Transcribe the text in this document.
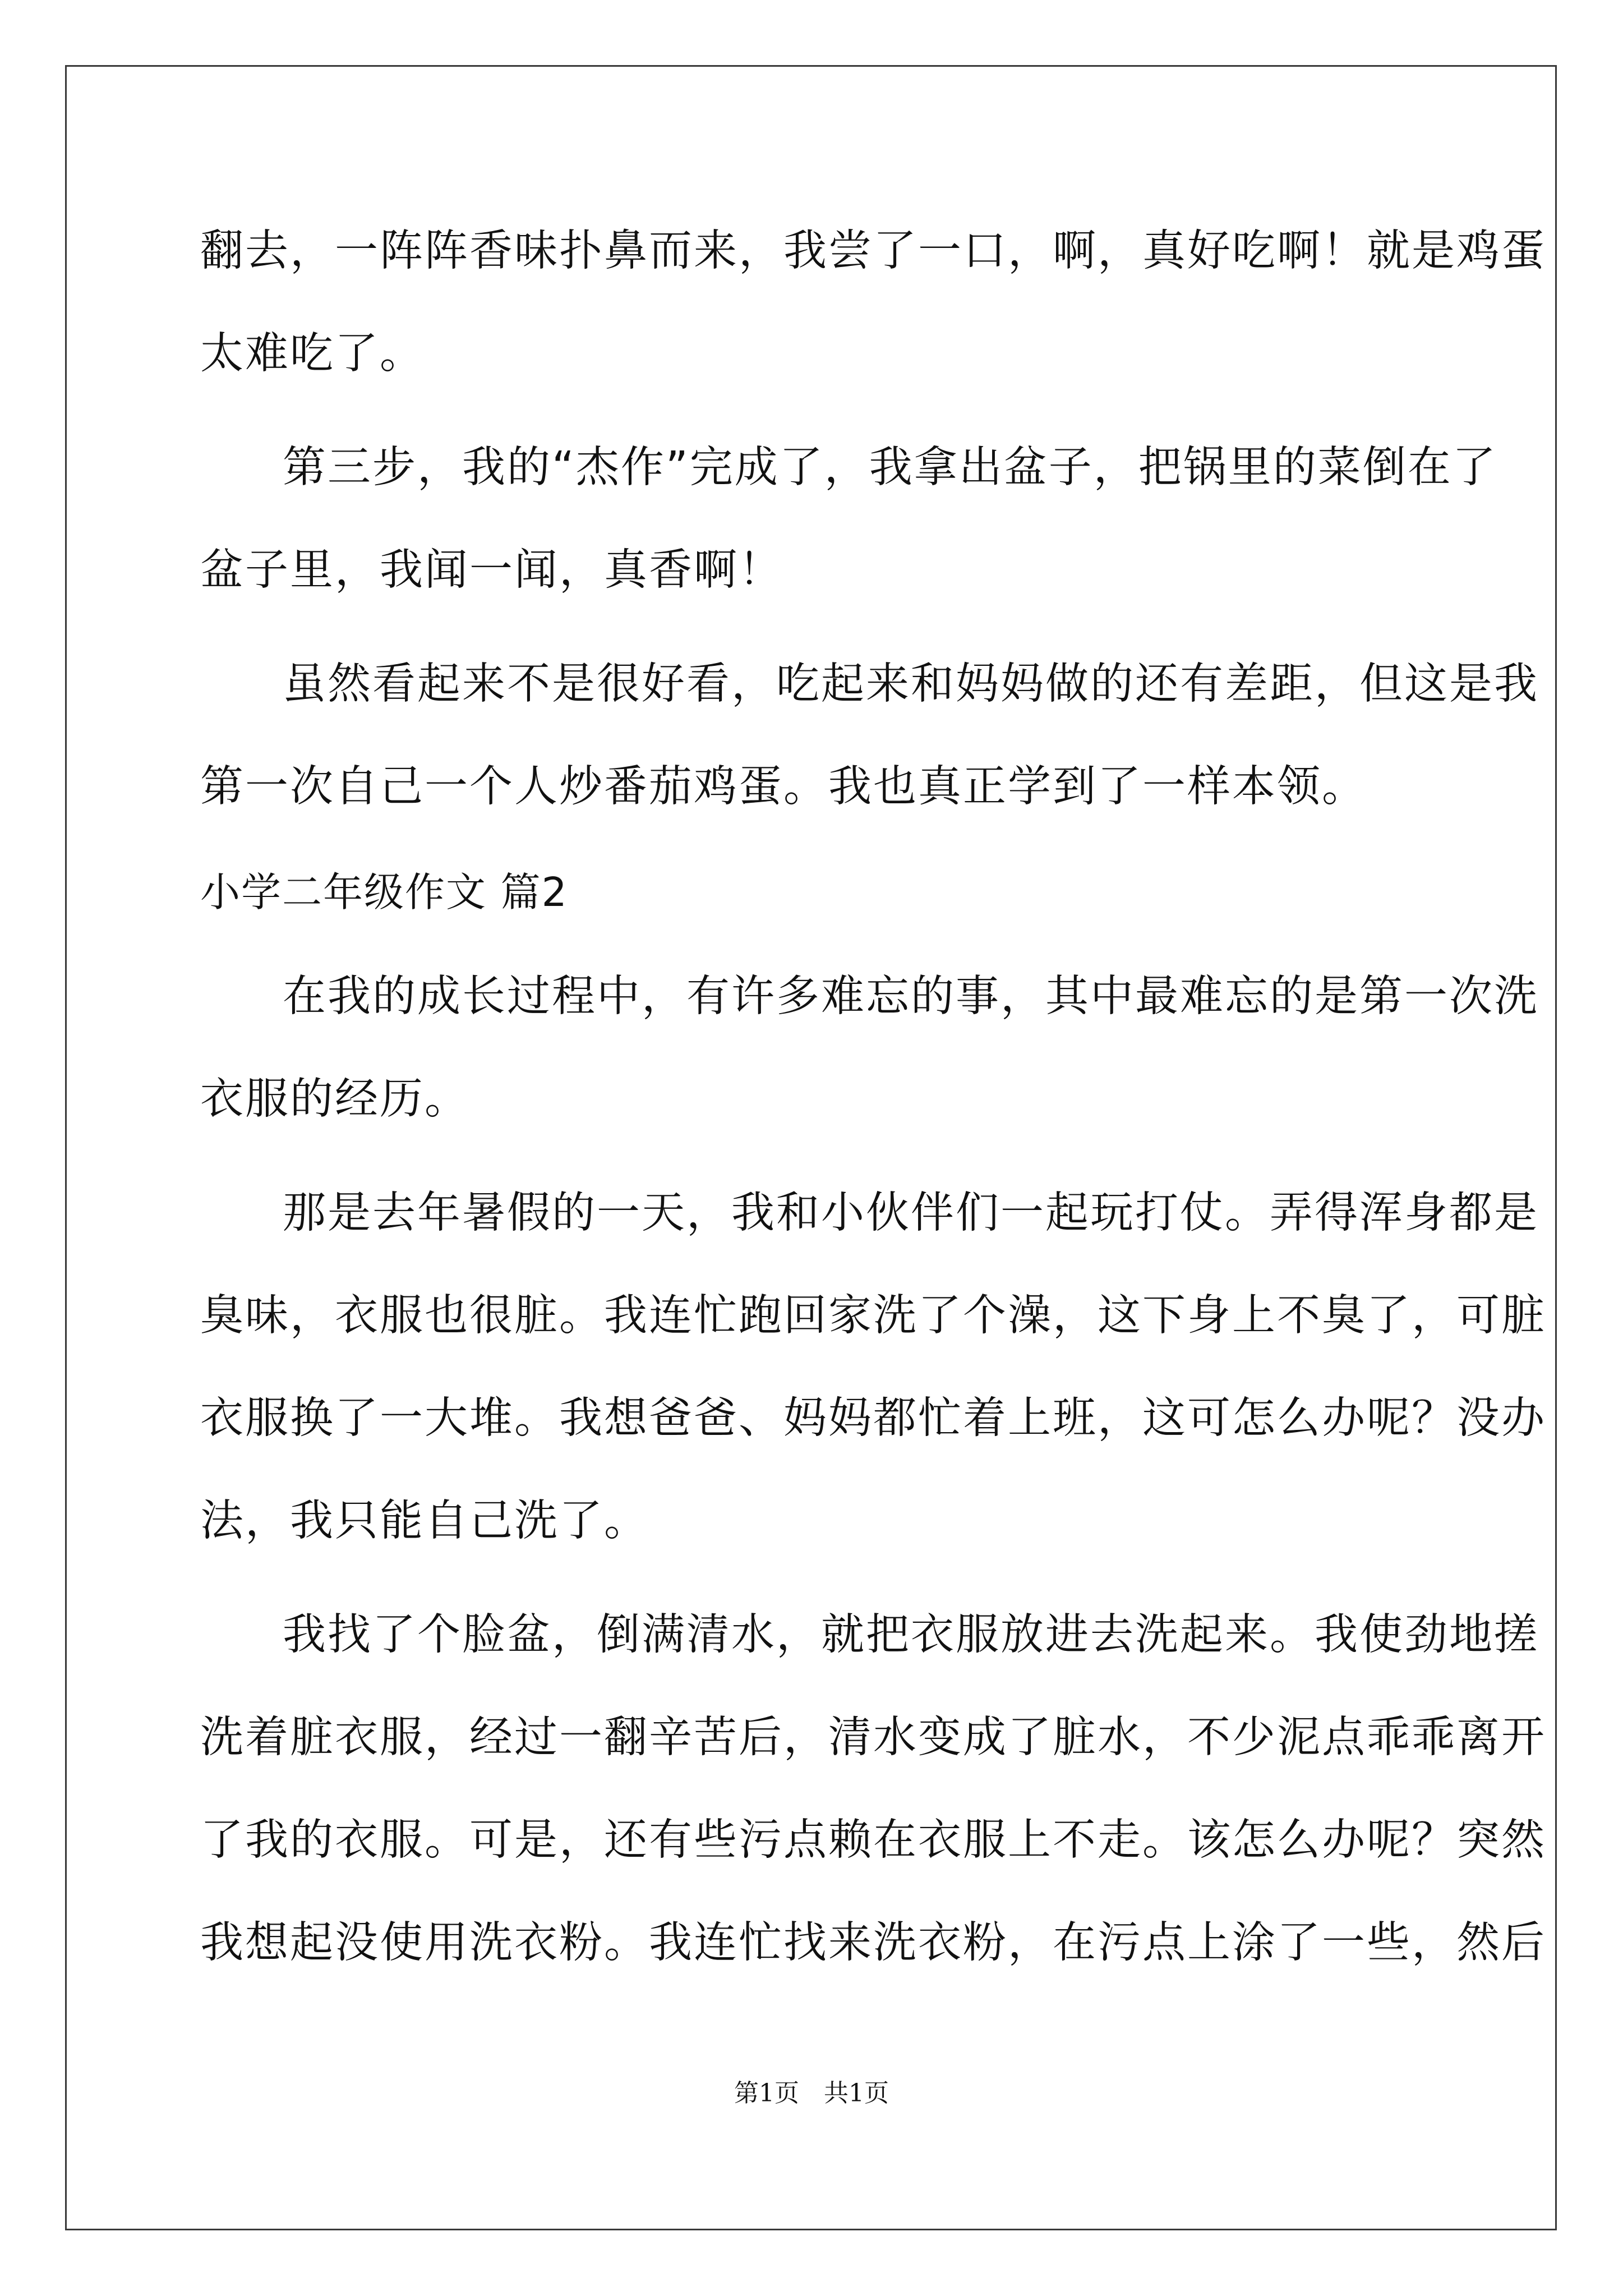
翻去，一阵阵香味扑鼻而来，我尝了一口，啊，真好吃啊！就是鸡蛋
太难吃了。
第三步，我的“杰作”完成了，我拿出盆子，把锅里的菜倒在了
盆子里，我闻一闻，真香啊！
虽然看起来不是很好看，吃起来和妈妈做的还有差距，但这是我
第一次自己一个人炒番茄鸡蛋。我也真正学到了一样本领。
小学二年级作文 篇2
在我的成长过程中，有许多难忘的事，其中最难忘的是第一次洗
衣服的经历。
那是去年暑假的一天，我和小伙伴们一起玩打仗。弄得浑身都是
臭味，衣服也很脏。我连忙跑回家洗了个澡，这下身上不臭了，可脏
衣服换了一大堆。我想爸爸、妈妈都忙着上班，这可怎么办呢？没办
法，我只能自己洗了。
我找了个脸盆，倒满清水，就把衣服放进去洗起来。我使劲地搓
洗着脏衣服，经过一翻辛苦后，清水变成了脏水，不少泥点乖乖离开
了我的衣服。可是，还有些污点赖在衣服上不走。该怎么办呢？突然
我想起没使用洗衣粉。我连忙找来洗衣粉，在污点上涂了一些，然后
第1页　共1页
